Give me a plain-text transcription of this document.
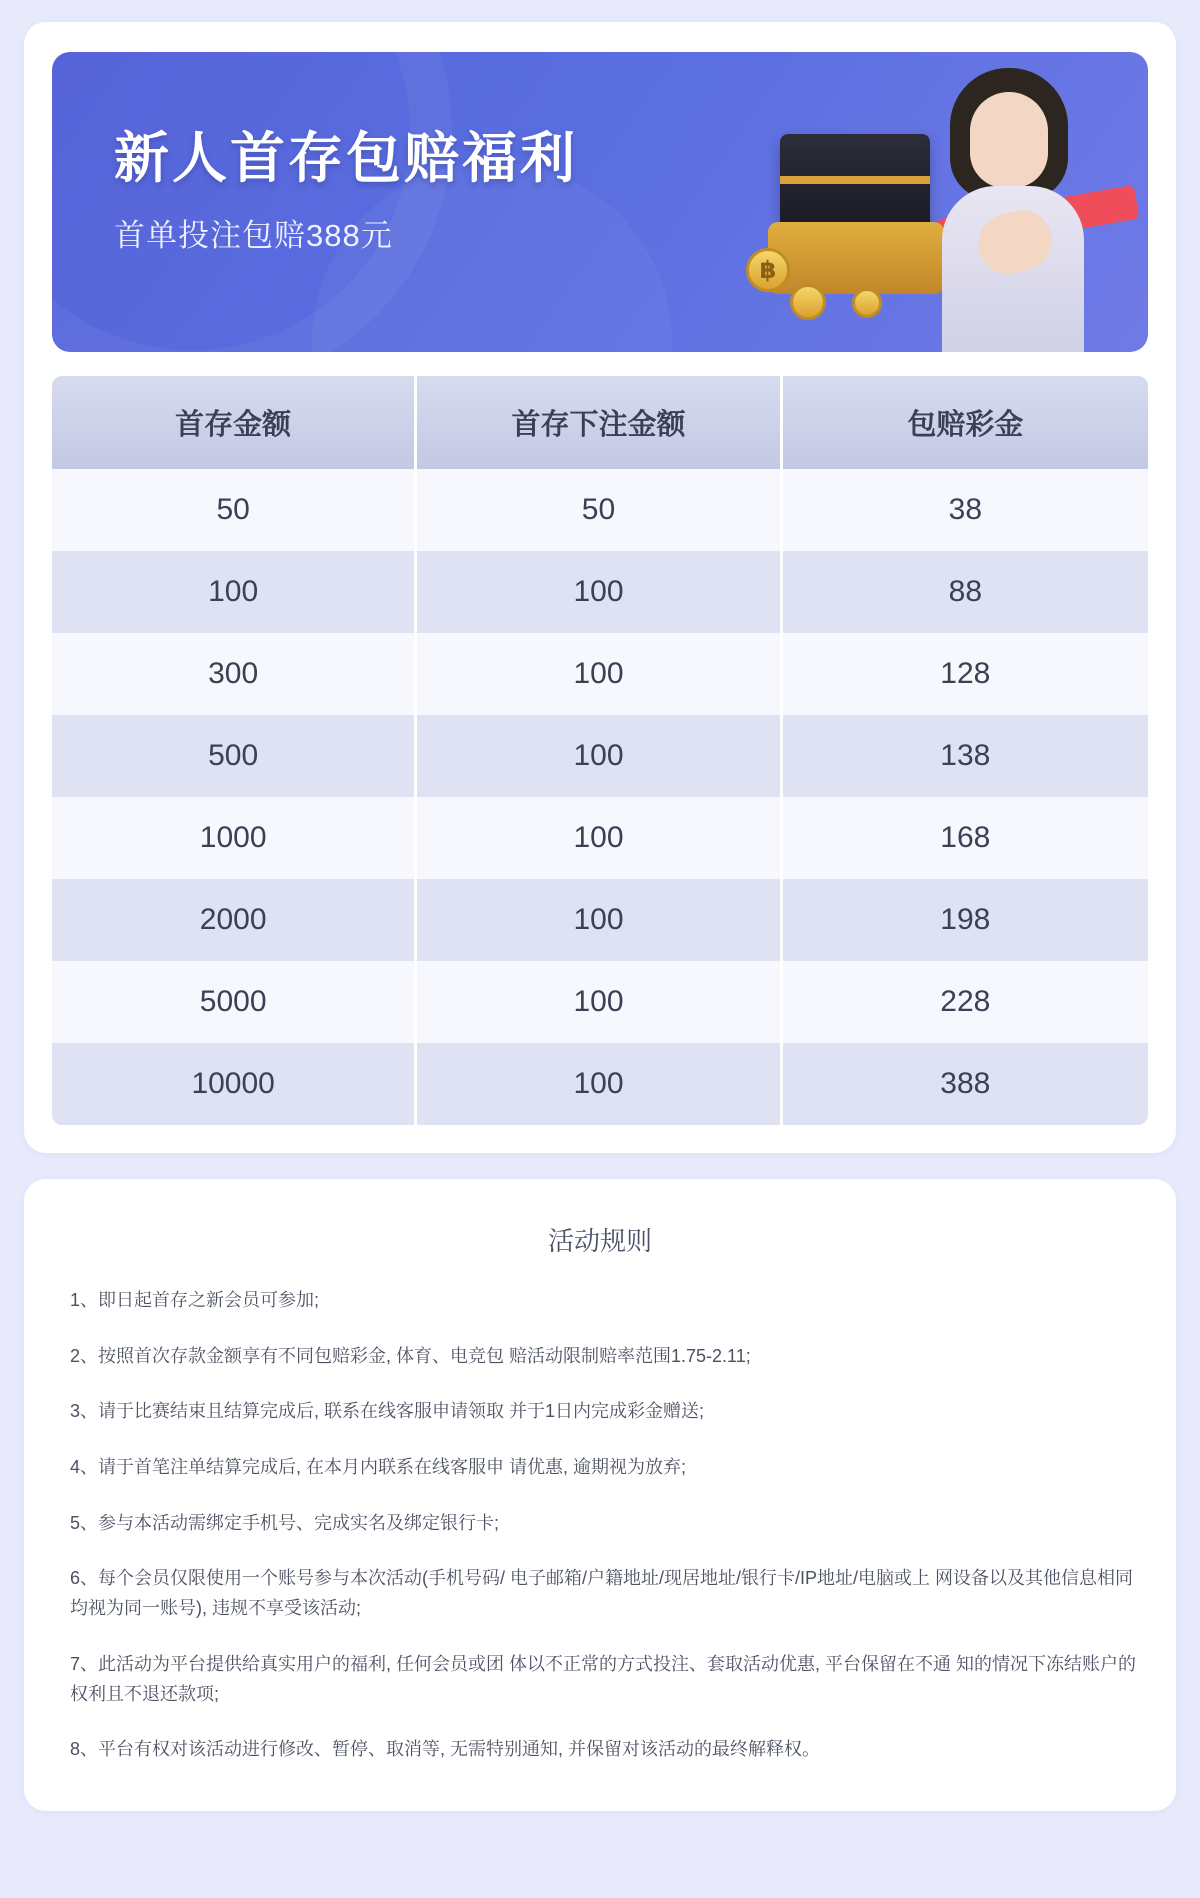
新人首存包赔福利

首单投注包赔388元

฿
首存金额	首存下注金额	包赔彩金
50	50	38
100	100	88
300	100	128
500	100	138
1000	100	168
2000	100	198
5000	100	228
10000	100	388
活动规则

1、即日起首存之新会员可参加;

2、按照首次存款金额享有不同包赔彩金, 体育、电竞包 赔活动限制赔率范围1.75-2.11;

3、请于比赛结束且结算完成后, 联系在线客服申请领取 并于1日内完成彩金赠送;

4、请于首笔注单结算完成后, 在本月内联系在线客服申 请优惠, 逾期视为放弃;

5、参与本活动需绑定手机号、完成实名及绑定银行卡;

6、每个会员仅限使用一个账号参与本次活动(手机号码/ 电子邮箱/户籍地址/现居地址/银行卡/IP地址/电脑或上 网设备以及其他信息相同均视为同一账号), 违规不享受该活动;

7、此活动为平台提供给真实用户的福利, 任何会员或团 体以不正常的方式投注、套取活动优惠, 平台保留在不通 知的情况下冻结账户的权利且不退还款项;

8、平台有权对该活动进行修改、暂停、取消等, 无需特别通知, 并保留对该活动的最终解释权。
